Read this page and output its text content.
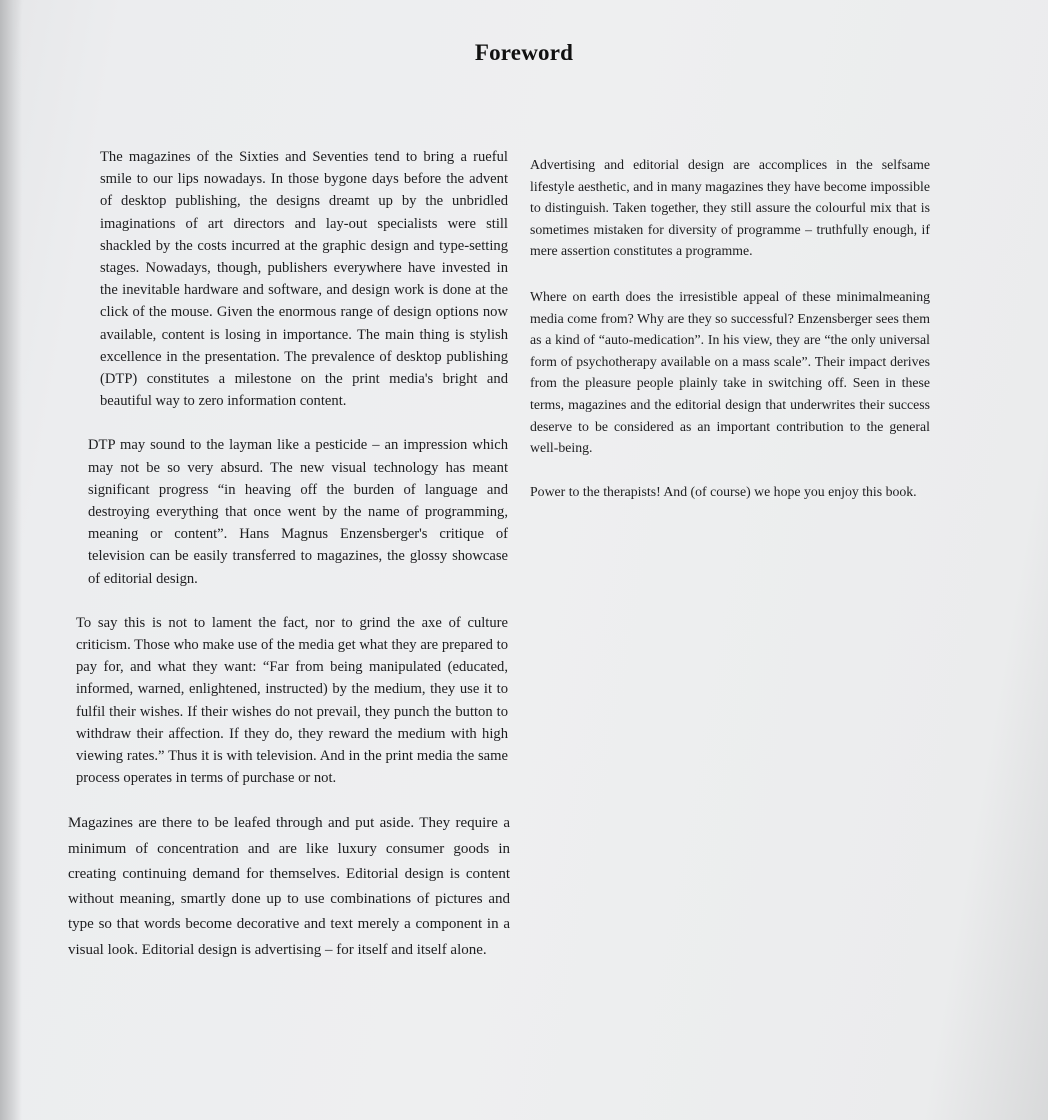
Foreword

The magazines of the Sixties and Seventies tend to bring a rueful smile to our lips nowadays. In those bygone days before the advent of desktop publishing, the designs dreamt up by the unbridled imaginations of art directors and lay-out specialists were still shackled by the costs incurred at the graphic design and type-setting stages. Nowadays, though, publishers everywhere have invested in the inevitable hardware and software, and design work is done at the click of the mouse. Given the enormous range of design options now available, content is losing in importance. The main thing is stylish excellence in the presentation. The prevalence of desktop publishing (DTP) constitutes a milestone on the print media's bright and beautiful way to zero information content.

DTP may sound to the layman like a pesticide – an impression which may not be so very absurd. The new visual technology has meant significant progress “in heaving off the burden of language and destroying everything that once went by the name of programming, meaning or content”. Hans Magnus Enzensberger's critique of television can be easily transferred to magazines, the glossy showcase of editorial design.

To say this is not to lament the fact, nor to grind the axe of culture criticism. Those who make use of the media get what they are prepared to pay for, and what they want: “Far from being manipulated (educated, informed, warned, enlightened, instructed) by the medium, they use it to fulfil their wishes. If their wishes do not prevail, they punch the button to withdraw their affection. If they do, they reward the medium with high viewing rates.” Thus it is with television. And in the print media the same process operates in terms of purchase or not.

Magazines are there to be leafed through and put aside. They require a minimum of concentration and are like luxury consumer goods in creating continuing demand for themselves. Editorial design is content without meaning, smartly done up to use combinations of pictures and type so that words become decorative and text merely a component in a visual look. Editorial design is advertising – for itself and itself alone.

Advertising and editorial design are accomplices in the selfsame lifestyle aesthetic, and in many magazines they have become impossible to distinguish. Taken together, they still assure the colourful mix that is sometimes mistaken for diversity of programme – truthfully enough, if mere assertion constitutes a programme.

Where on earth does the irresistible appeal of these minimalmeaning media come from? Why are they so successful? Enzensberger sees them as a kind of “auto-medication”. In his view, they are “the only universal form of psychotherapy available on a mass scale”. Their impact derives from the pleasure people plainly take in switching off. Seen in these terms, magazines and the editorial design that underwrites their success deserve to be considered as an important contribution to the general well-being.

Power to the therapists! And (of course) we hope you enjoy this book.
